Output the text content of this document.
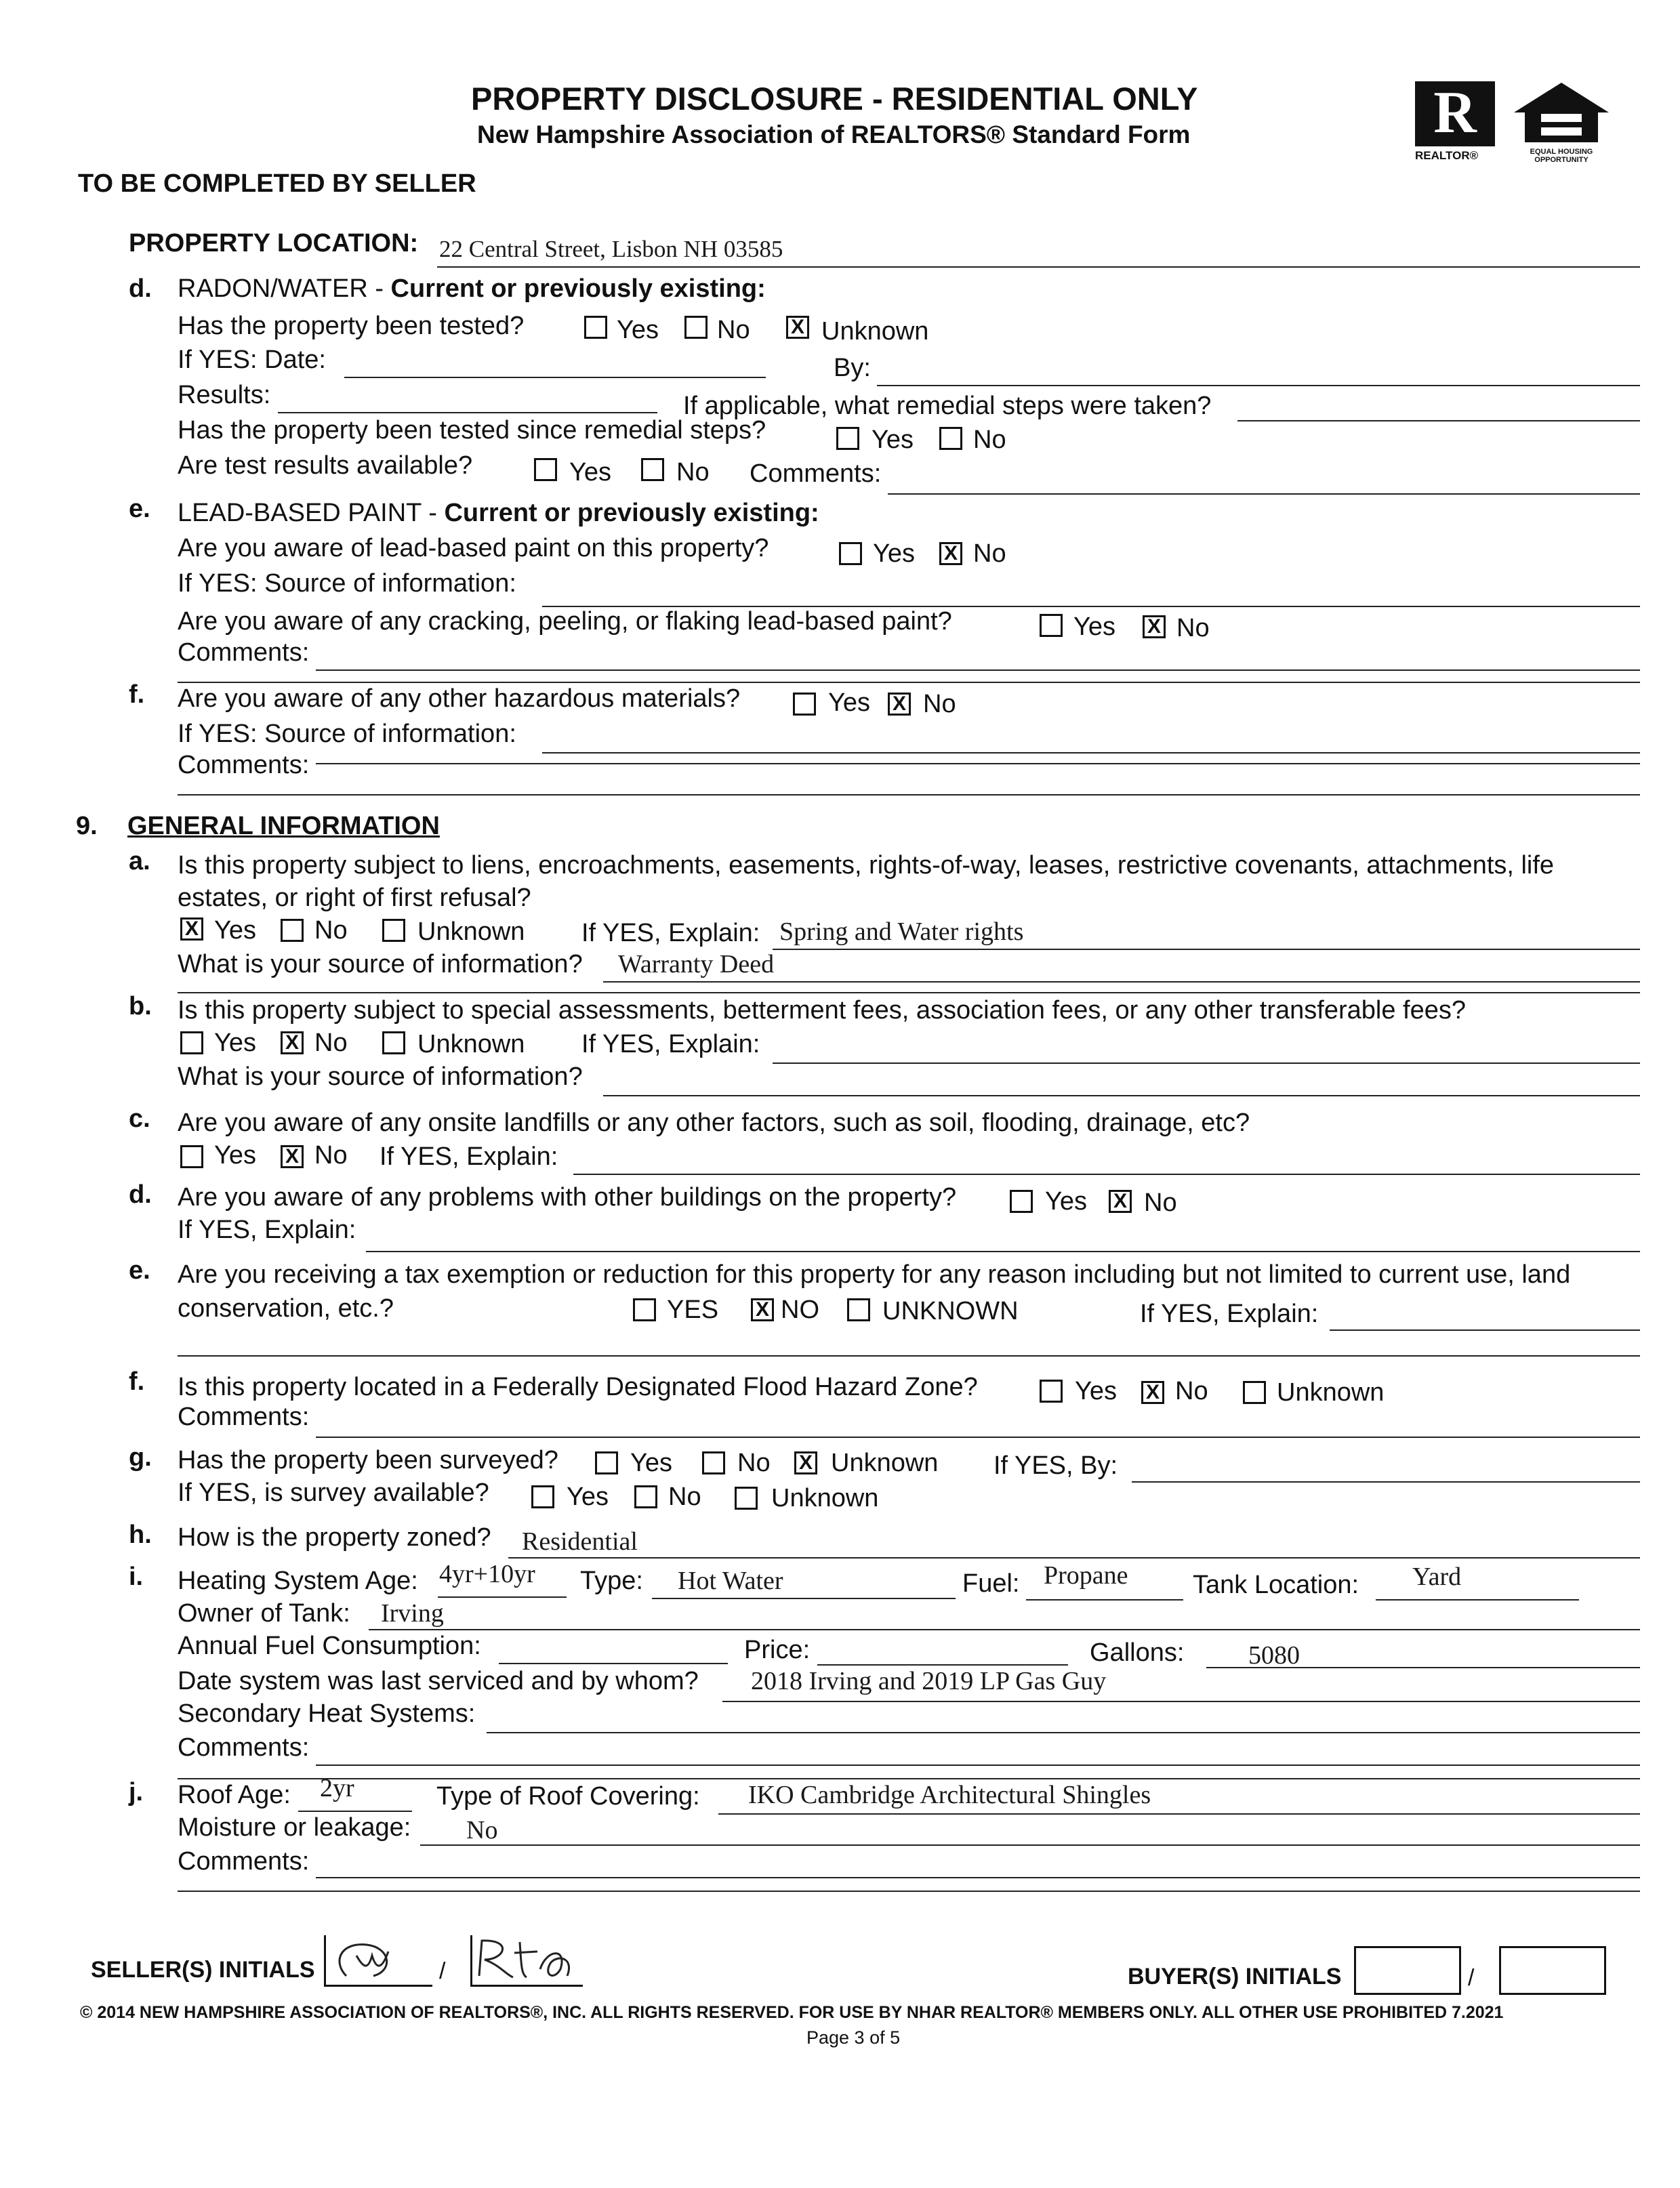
PROPERTY DISCLOSURE - RESIDENTIAL ONLY
New Hampshire Association of REALTORS® Standard Form
TO BE COMPLETED BY SELLER
R
REALTOR®	EQUAL HOUSING OPPORTUNITY
PROPERTY LOCATION: 22 Central Street, Lisbon NH 03585
d. RADON/WATER - Current or previously existing:
Has the property been tested?	Yes No X Unknown
If YES: Date:	By:
Results:	If applicable, what remedial steps were taken?
Has the property been tested since remedial steps?	Yes No
Are test results available?	Yes	No Comments:
e. LEAD-BASED PAINT - Current or previously existing:
Are you aware of lead-based paint on this property?	Yes X No
If YES: Source of information:
Are you aware of any cracking, peeling, or flaking lead-based paint?	Yes X No
Comments:
f. Are you aware of any other hazardous materials?	Yes X No
If YES: Source of information:
Comments:
9. GENERAL INFORMATION
a. Is this property subject to liens, encroachments, easements, rights-of-way, leases, restrictive covenants, attachments, life
estates, or right of first refusal?
X Yes No	Unknown If YES, Explain: Spring and Water rights
What is your source of information? Warranty Deed
b. Is this property subject to special assessments, betterment fees, association fees, or any other transferable fees?
Yes X No	Unknown If YES, Explain:
What is your source of information?
c. Are you aware of any onsite landfills or any other factors, such as soil, flooding, drainage, etc?
Yes X No If YES, Explain:
d. Are you aware of any problems with other buildings on the property?	Yes X No
If YES, Explain:
e. Are you receiving a tax exemption or reduction for this property for any reason including but not limited to current use, land
conservation, etc.?	YES X NO UNKNOWN	If YES, Explain:
f. Is this property located in a Federally Designated Flood Hazard Zone?	Yes X No	Unknown
Comments:
g. Has the property been surveyed?	Yes	No X Unknown If YES, By:
If YES, is survey available?	Yes No	Unknown
h. How is the property zoned? Residential
i. Heating System Age: 4yr+10yr Type: Hot Water	Fuel: Propane	Tank Location: Yard
Owner of Tank: Irving
Annual Fuel Consumption:	Price:	Gallons: 5080
Date system was last serviced and by whom? 2018 Irving and 2019 LP Gas Guy
Secondary Heat Systems:
Comments:
j. Roof Age: 2yr	Type of Roof Covering: IKO Cambridge Architectural Shingles
Moisture or leakage: No
Comments:
SELLER(S) INITIALS	/	BUYER(S) INITIALS	/
© 2014 NEW HAMPSHIRE ASSOCIATION OF REALTORS®, INC. ALL RIGHTS RESERVED. FOR USE BY NHAR REALTOR® MEMBERS ONLY. ALL OTHER USE PROHIBITED 7.2021
Page 3 of 5
